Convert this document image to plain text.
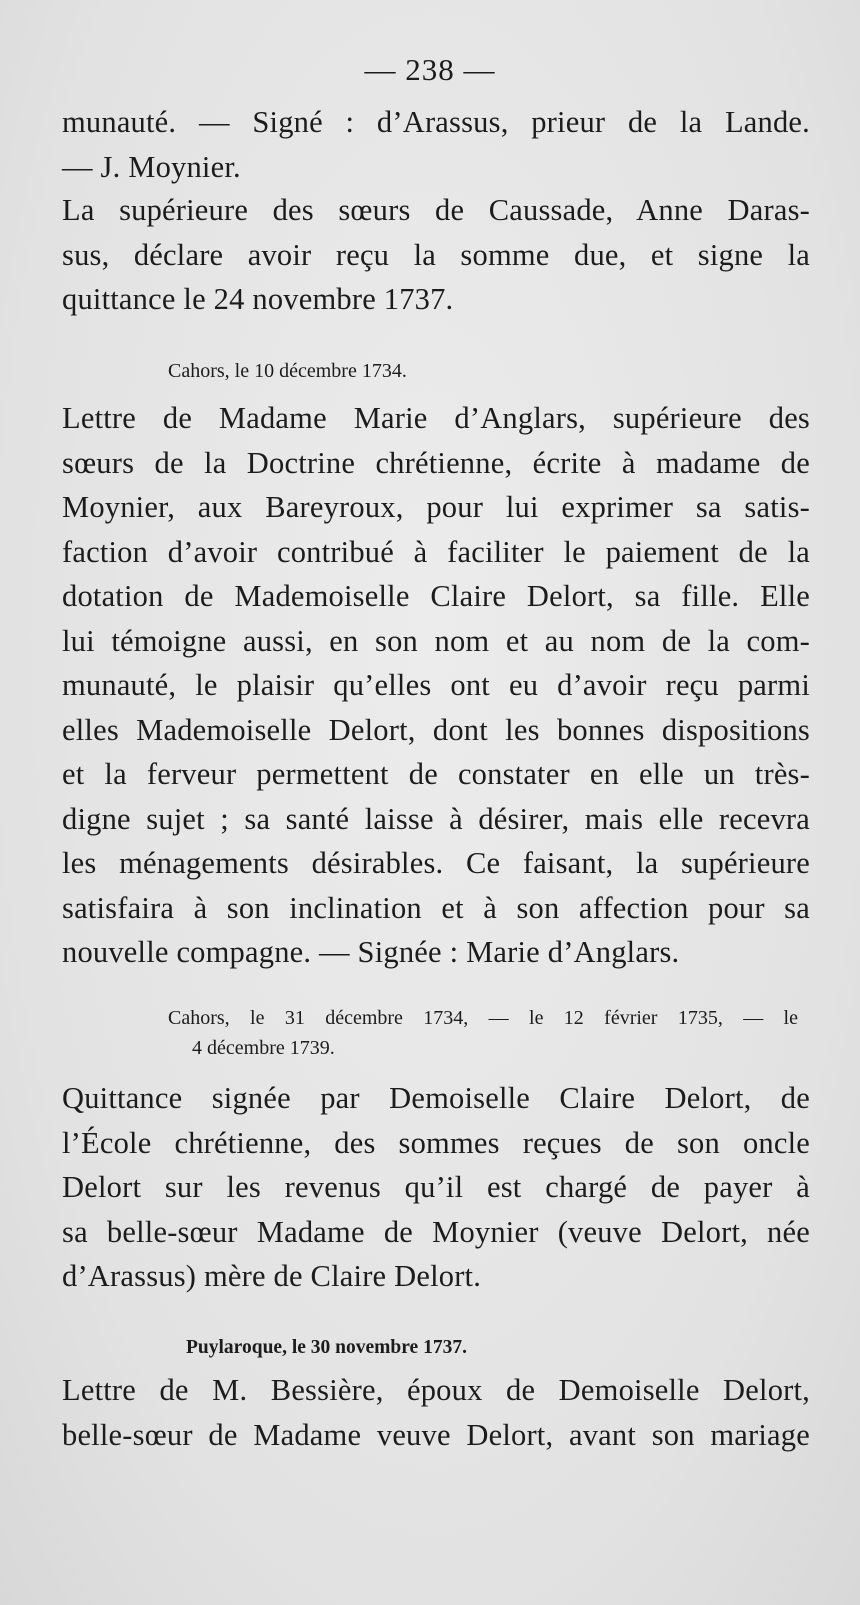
— 238 —
munauté. — Signé : d’Arassus, prieur de la Lande.
— J. Moynier.
La supérieure des sœurs de Caussade, Anne Daras-
sus, déclare avoir reçu la somme due, et signe la
quittance le 24 novembre 1737.
Cahors, le 10 décembre 1734.
Lettre de Madame Marie d’Anglars, supérieure des
sœurs de la Doctrine chrétienne, écrite à madame de
Moynier, aux Bareyroux, pour lui exprimer sa satis-
faction d’avoir contribué à faciliter le paiement de la
dotation de Mademoiselle Claire Delort, sa fille. Elle
lui témoigne aussi, en son nom et au nom de la com-
munauté, le plaisir qu’elles ont eu d’avoir reçu parmi
elles Mademoiselle Delort, dont les bonnes dispositions
et la ferveur permettent de constater en elle un très-
digne sujet ; sa santé laisse à désirer, mais elle recevra
les ménagements désirables. Ce faisant, la supérieure
satisfaira à son inclination et à son affection pour sa
nouvelle compagne. — Signée : Marie d’Anglars.
Cahors, le 31 décembre 1734, — le 12 février 1735, — le
4 décembre 1739.
Quittance signée par Demoiselle Claire Delort, de
l’École chrétienne, des sommes reçues de son oncle
Delort sur les revenus qu’il est chargé de payer à
sa belle-sœur Madame de Moynier (veuve Delort, née
d’Arassus) mère de Claire Delort.
Puylaroque, le 30 novembre 1737.
Lettre de M. Bessière, époux de Demoiselle Delort,
belle-sœur de Madame veuve Delort, avant son mariage
